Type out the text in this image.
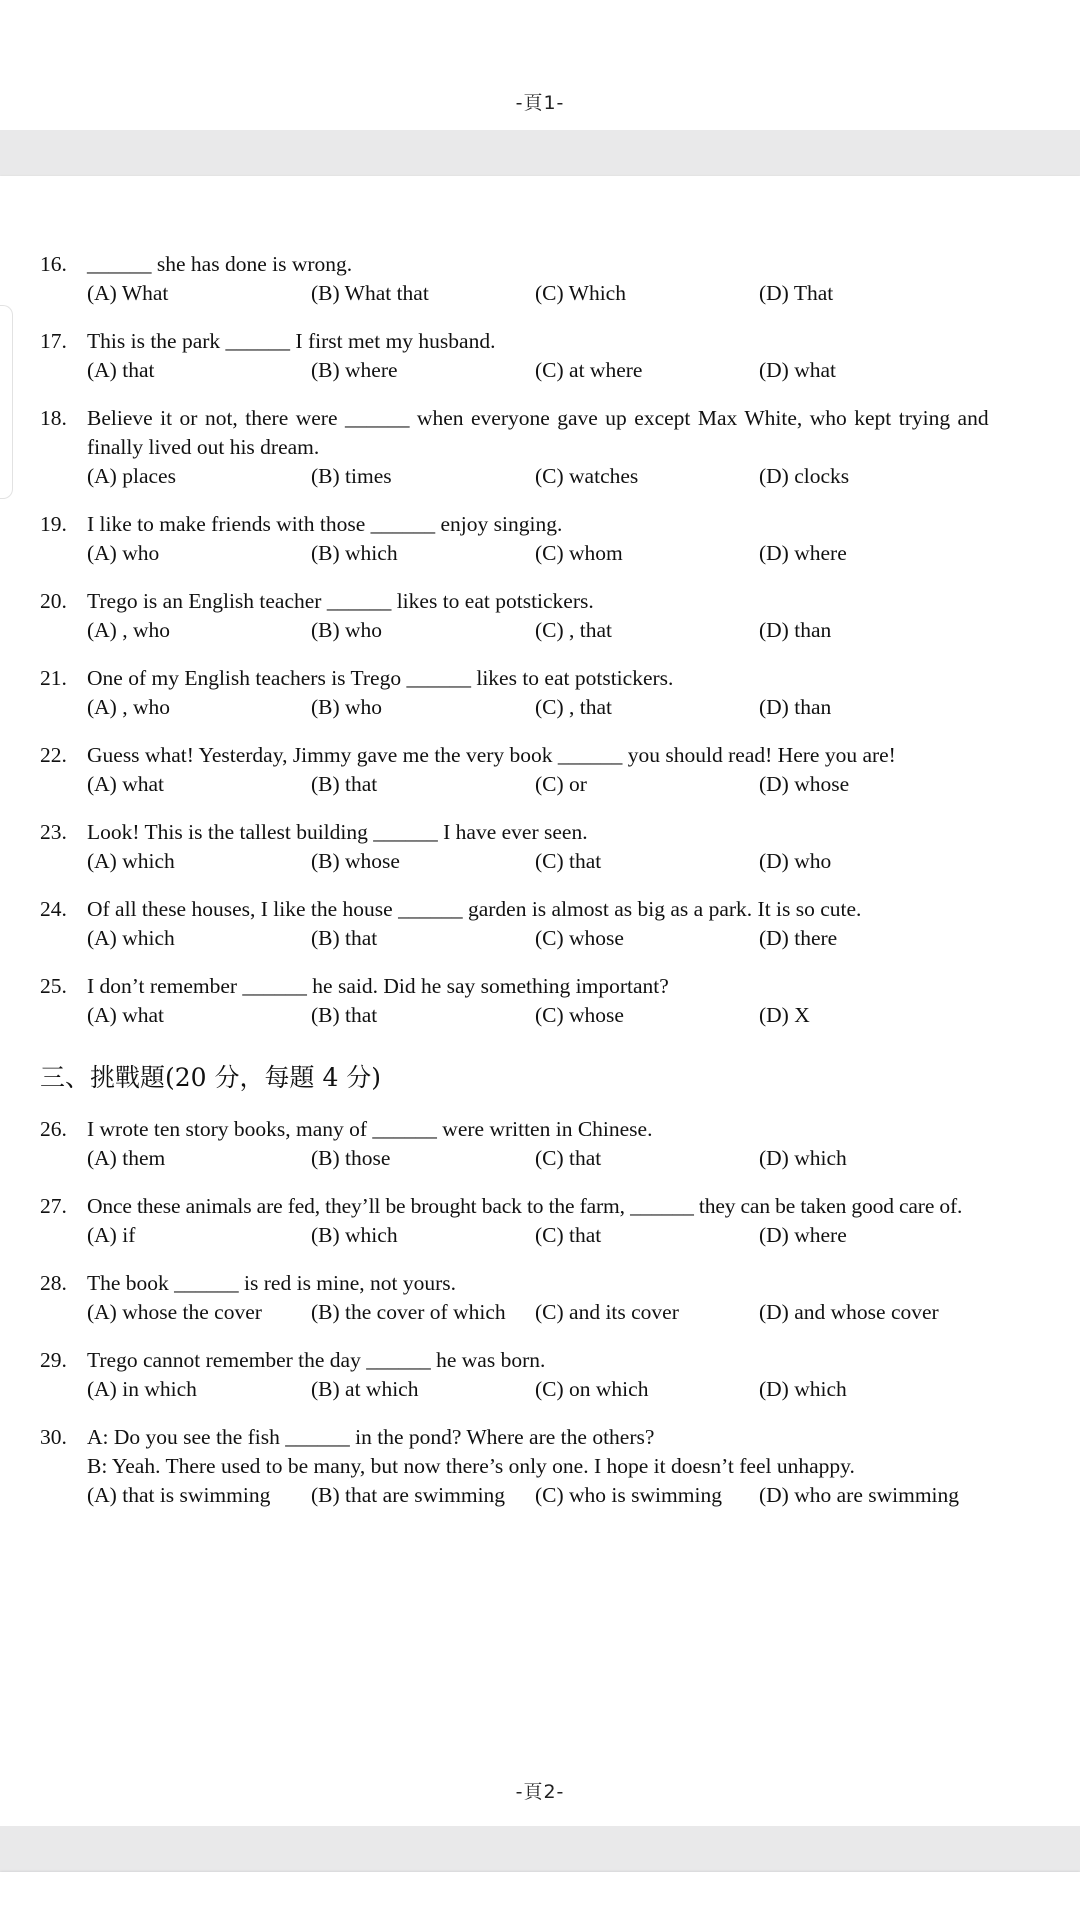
-頁1-
16. ______ she has done is wrong.
(A) What	(B) What that	(C) Which	(D) That
17. This is the park ______ I first met my husband.
(A) that	(B) where	(C) at where	(D) what
18. Believe it or not, there were ______ when everyone gave up except Max White, who kept trying and
finally lived out his dream.
(A) places	(B) times	(C) watches	(D) clocks
19. I like to make friends with those ______ enjoy singing.
(A) who	(B) which	(C) whom	(D) where
20. Trego is an English teacher ______ likes to eat potstickers.
(A) , who	(B) who	(C) , that	(D) than
21. One of my English teachers is Trego ______ likes to eat potstickers.
(A) , who	(B) who	(C) , that	(D) than
22. Guess what! Yesterday, Jimmy gave me the very book ______ you should read! Here you are!
(A) what	(B) that	(C) or	(D) whose
23. Look! This is the tallest building ______ I have ever seen.
(A) which	(B) whose	(C) that	(D) who
24. Of all these houses, I like the house ______ garden is almost as big as a park. It is so cute.
(A) which	(B) that	(C) whose	(D) there
25. I don’t remember ______ he said. Did he say something important?
(A) what	(B) that	(C) whose	(D) X
三、挑戰題(20 分，每題 4 分)
26. I wrote ten story books, many of ______ were written in Chinese.
(A) them	(B) those	(C) that	(D) which
27. Once these animals are fed, they’ll be brought back to the farm, ______ they can be taken good care of.
(A) if	(B) which	(C) that	(D) where
28. The book ______ is red is mine, not yours.
(A) whose the cover (B) the cover of which (C) and its cover	(D) and whose cover
29. Trego cannot remember the day ______ he was born.
(A) in which	(B) at which	(C) on which	(D) which
30. A: Do you see the fish ______ in the pond? Where are the others?
B: Yeah. There used to be many, but now there’s only one. I hope it doesn’t feel unhappy.
(A) that is swimming (B) that are swimming (C) who is swimming (D) who are swimming
-頁2-
